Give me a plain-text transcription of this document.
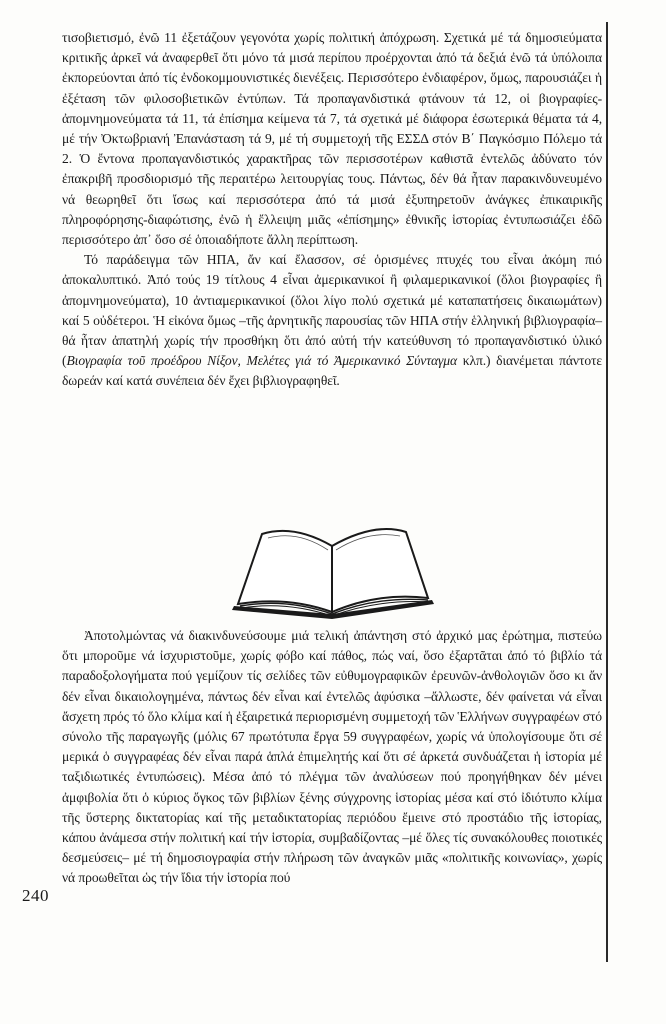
τισοβιετισμό, ἐνῶ 11 ἐξετάζουν γεγονότα χωρίς πολιτική ἀπόχρωση. Σχετικά μέ τά δημοσιεύματα κριτικῆς ἀρκεῖ νά ἀναφερθεῖ ὅτι μόνο τά μισά περίπου προέρχονται ἀπό τά δεξιά ἐνῶ τά ὑπόλοιπα ἐκπορεύονται ἀπό τίς ἐνδοκομμουνιστικές διενέξεις. Περισσότερο ἐνδιαφέρον, ὅμως, παρουσιάζει ἡ ἐξέταση τῶν φιλοσοβιετικῶν ἐντύπων. Τά προπαγανδιστικά φτάνουν τά 12, οἱ βιογραφίες-ἀπομνημονεύματα τά 11, τά ἐπίσημα κείμενα τά 7, τά σχετικά μέ διάφορα ἐσωτερικά θέματα τά 4, μέ τήν Ὀκτωβριανή Ἐπανάσταση τά 9, μέ τή συμμετοχή τῆς ΕΣΣΔ στόν Β΄ Παγκόσμιο Πόλεμο τά 2. Ὁ ἔντονα προπαγανδιστικός χαρακτῆρας τῶν περισσοτέρων καθιστᾶ ἐντελῶς ἀδύνατο τόν ἐπακριβῆ προσδιορισμό τῆς περαιτέρω λειτουργίας τους. Πάντως, δέν θά ἦταν παρακινδυνευμένο νά θεωρηθεῖ ὅτι ἴσως καί περισσότερα ἀπό τά μισά ἐξυπηρετοῦν ἀνάγκες ἐπικαιρικῆς πληροφόρησης-διαφώτισης, ἐνῶ ἡ ἔλλειψη μιᾶς «ἐπίσημης» ἐθνικῆς ἱστορίας ἐντυπωσιάζει ἐδῶ περισσότερο ἀπ᾽ ὅσο σέ ὁποιαδήποτε ἄλλη περίπτωση.

Τό παράδειγμα τῶν ΗΠΑ, ἄν καί ἔλασσον, σέ ὁρισμένες πτυχές του εἶναι ἀκόμη πιό ἀποκαλυπτικό. Ἀπό τούς 19 τίτλους 4 εἶναι ἀμερικανικοί ἢ φιλαμερικανικοί (ὅλοι βιογραφίες ἢ ἀπομνημονεύματα), 10 ἀντιαμερικανικοί (ὅλοι λίγο πολύ σχετικά μέ καταπατήσεις δικαιωμάτων) καί 5 οὐδέτεροι. Ἡ εἰκόνα ὅμως –τῆς ἀρνητικῆς παρουσίας τῶν ΗΠΑ στήν ἑλληνική βιβλιογραφία– θά ἦταν ἀπατηλή χωρίς τήν προσθήκη ὅτι ἀπό αὐτή τήν κατεύθυνση τό προπαγανδιστικό ὑλικό (Βιογραφία τοῦ προέδρου Νίξον, Μελέτες γιά τό Ἀμερικανικό Σύνταγμα κλπ.) διανέμεται πάντοτε δωρεάν καί κατά συνέπεια δέν ἔχει βιβλιογραφηθεῖ.

Ἀποτολμώντας νά διακινδυνεύσουμε μιά τελική ἀπάντηση στό ἀρχικό μας ἐρώτημα, πιστεύω ὅτι μποροῦμε νά ἰσχυριστοῦμε, χωρίς φόβο καί πάθος, πώς ναί, ὅσο ἐξαρτᾶται ἀπό τό βιβλίο τά παραδοξολογήματα πού γεμίζουν τίς σελίδες τῶν εὐθυμογραφικῶν ἐρευνῶν-ἀνθολογιῶν ὅσο κι ἄν δέν εἶναι δικαιολογημένα, πάντως δέν εἶναι καί ἐντελῶς ἀφύσικα –ἄλλωστε, δέν φαίνεται νά εἶναι ἄσχετη πρός τό ὅλο κλίμα καί ἡ ἐξαιρετικά περιορισμένη συμμετοχή τῶν Ἑλλήνων συγγραφέων στό σύνολο τῆς παραγωγῆς (μόλις 67 πρωτότυπα ἔργα 59 συγγραφέων, χωρίς νά ὑπολογίσουμε ὅτι σέ μερικά ὁ συγγραφέας δέν εἶναι παρά ἁπλά ἐπιμελητής καί ὅτι σέ ἀρκετά συνδυάζεται ἡ ἱστορία μέ ταξιδιωτικές ἐντυπώσεις). Μέσα ἀπό τό πλέγμα τῶν ἀναλύσεων πού προηγήθηκαν δέν μένει ἀμφιβολία ὅτι ὁ κύριος ὄγκος τῶν βιβλίων ξένης σύγχρονης ἱστορίας μέσα καί στό ἰδιότυπο κλίμα τῆς ὕστερης δικτατορίας καί τῆς μεταδικτατορίας περιόδου ἔμεινε στό προστάδιο τῆς ἱστορίας, κάπου ἀνάμεσα στήν πολιτική καί τήν ἱστορία, συμβαδίζοντας –μέ ὅλες τίς συνακόλουθες ποιοτικές δεσμεύσεις– μέ τή δημοσιογραφία στήν πλήρωση τῶν ἀναγκῶν μιᾶς «πολιτικῆς κοινωνίας», χωρίς νά προωθεῖται ὡς τήν ἴδια τήν ἱστορία πού

240
